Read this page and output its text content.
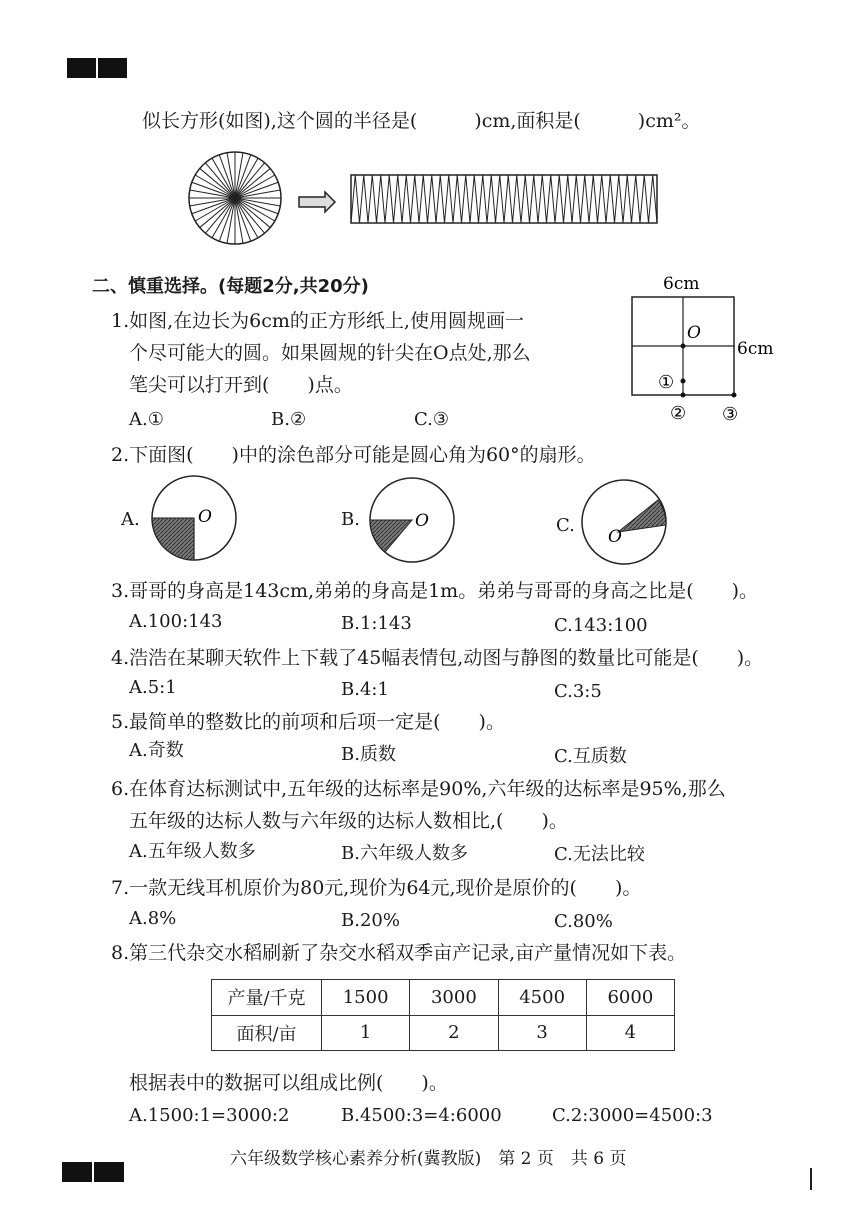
似长方形(如图),这个圆的半径是(　　　)cm,面积是(　　　)cm²。
二、慎重选择。(每题2分,共20分)
1.如图,在边长为6cm的正方形纸上,使用圆规画一
个尽可能大的圆。如果圆规的针尖在O点处,那么
笔尖可以打开到(　　)点。
A.①	B.②	C.③
6cm
6cm
O
①
② ③
2.下面图(　　)中的涂色部分可能是圆心角为60°的扇形。
A.	B.	C.
O	O
O
3.哥哥的身高是143cm,弟弟的身高是1m。弟弟与哥哥的身高之比是(　　)。
A.100:143	B.1:143	C.143:100
4.浩浩在某聊天软件上下载了45幅表情包,动图与静图的数量比可能是(　　)。
A.5:1	B.4:1	C.3:5
5.最简单的整数比的前项和后项一定是(　　)。
A.奇数	B.质数	C.互质数
6.在体育达标测试中,五年级的达标率是90%,六年级的达标率是95%,那么
五年级的达标人数与六年级的达标人数相比,(　　)。
A.五年级人数多	B.六年级人数多	C.无法比较
7.一款无线耳机原价为80元,现价为64元,现价是原价的(　　)。
A.8%	B.20%	C.80%
8.第三代杂交水稻刷新了杂交水稻双季亩产记录,亩产量情况如下表。
产量/千克	1500	3000	4500	6000
面积/亩	1	2	3	4
根据表中的数据可以组成比例(　　)。
A.1500:1=3000:2	B.4500:3=4:6000	C.2:3000=4500:3
六年级数学核心素养分析(冀教版)　第 2 页　共 6 页
